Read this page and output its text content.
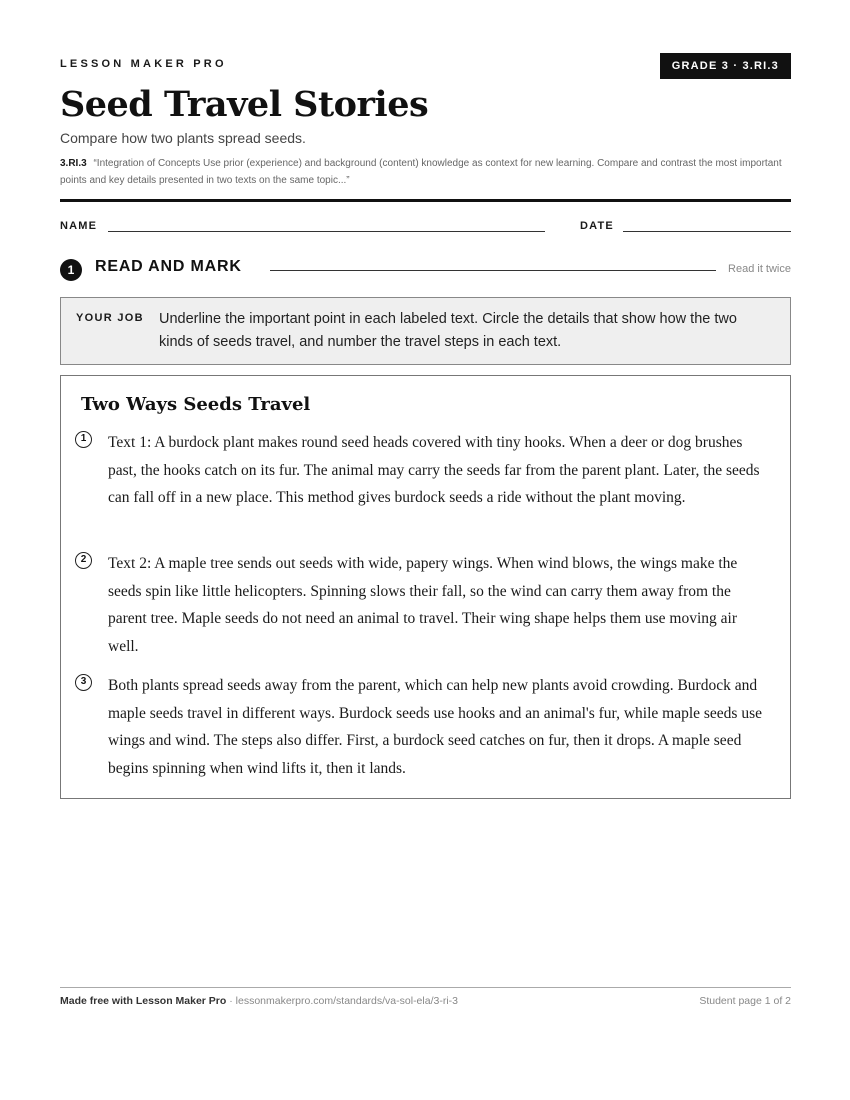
LESSON MAKER PRO	GRADE 3 · 3.RI.3
Seed Travel Stories
Compare how two plants spread seeds.
3.RI.3 “Integration of Concepts Use prior (experience) and background (content) knowledge as context for new learning. Compare and contrast the most important points and key details presented in two texts on the same topic...”
NAME	DATE
1	READ AND MARK	Read it twice
YOUR JOB Underline the important point in each labeled text. Circle the details that show how the two kinds of seeds travel, and number the travel steps in each text.
Two Ways Seeds Travel
1	Text 1: A burdock plant makes round seed heads covered with tiny hooks. When a deer or dog brushes past, the hooks catch on its fur. The animal may carry the seeds far from the parent plant. Later, the seeds can fall off in a new place. This method gives burdock seeds a ride without the plant moving.

2	Text 2: A maple tree sends out seeds with wide, papery wings. When wind blows, the wings make the seeds spin like little helicopters. Spinning slows their fall, so the wind can carry them away from the parent tree. Maple seeds do not need an animal to travel. Their wing shape helps them use moving air well.

3	Both plants spread seeds away from the parent, which can help new plants avoid crowding. Burdock and maple seeds travel in different ways. Burdock seeds use hooks and an animal's fur, while maple seeds use wings and wind. The steps also differ. First, a burdock seed catches on fur, then it drops. A maple seed begins spinning when wind lifts it, then it lands.

Made free with Lesson Maker Pro · lessonmakerpro.com/standards/va-sol-ela/3-ri-3	Student page 1 of 2
